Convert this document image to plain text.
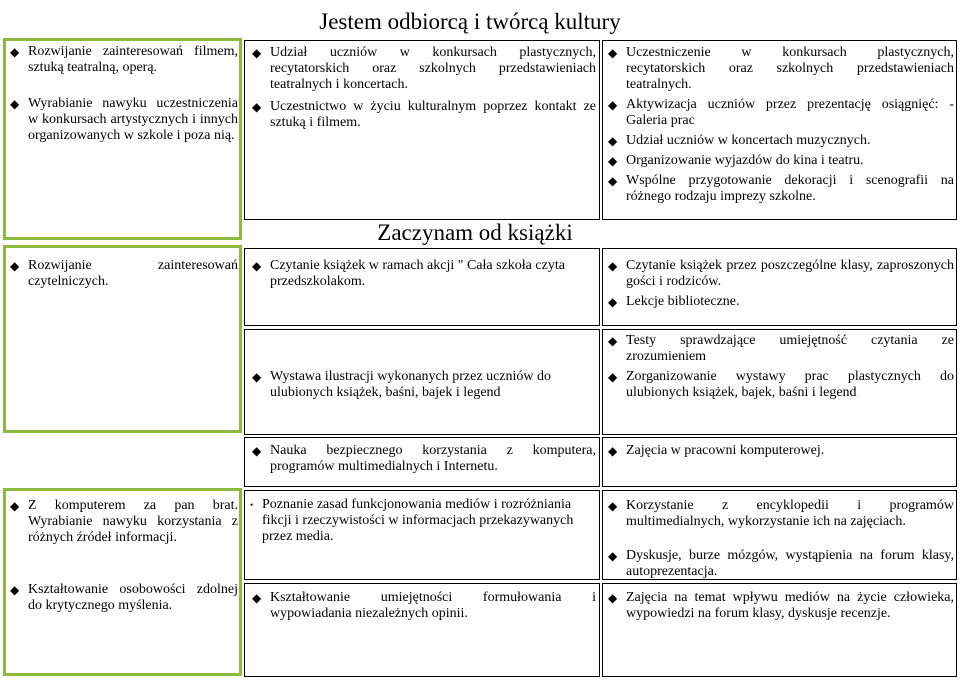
◆ Rozwijanie zainteresowań filmem, sztuką teatralną, operą.
◆ Wyrabianie nawyku uczestniczenia w konkursach artystycznych i innych organizowanych w szkole i poza nią.
◆ Rozwijanie zainteresowań czytelniczych.
◆ Z komputerem za pan brat. Wyrabianie nawyku korzystania z różnych źródeł informacji.
◆ Kształtowanie osobowości zdolnej do krytycznego myślenia.
Jestem odbiorcą i twórcą kultury
Zaczynam od książki
◆ Udział uczniów w konkursach plastycznych, recytatorskich oraz szkolnych przedstawieniach teatralnych i koncertach.
◆ Uczestnictwo w życiu kulturalnym poprzez kontakt ze sztuką i filmem.
◆ Czytanie książek w ramach akcji " Cała szkoła czyta przedszkolakom.
◆ Wystawa ilustracji wykonanych przez uczniów do ulubionych książek, baśni, bajek i legend
◆ Nauka bezpiecznego korzystania z komputera, programów multimedialnych i Internetu.
• Poznanie zasad funkcjonowania mediów i rozróżniania fikcji i rzeczywistości w informacjach przekazywanych przez media.
◆ Kształtowanie umiejętności formułowania i wypowiadania niezależnych opinii.
◆ Uczestniczenie w konkursach plastycznych, recytatorskich oraz szkolnych przedstawieniach teatralnych.
◆ Aktywizacja uczniów przez prezentację osiągnięć: - Galeria prac
◆ Udział uczniów w koncertach muzycznych.
◆ Organizowanie wyjazdów do kina i teatru.
◆ Wspólne przygotowanie dekoracji i scenografii na różnego rodzaju imprezy szkolne.
◆ Czytanie książek przez poszczególne klasy, zaproszonych gości i rodziców.
◆ Lekcje biblioteczne.
◆ Testy sprawdzające umiejętność czytania ze zrozumieniem
◆ Zorganizowanie wystawy prac plastycznych do ulubionych książek, bajek, baśni i legend
◆ Zajęcia w pracowni komputerowej.
◆ Korzystanie z encyklopedii i programów multimedialnych, wykorzystanie ich na zajęciach.
◆ Dyskusje, burze mózgów, wystąpienia na forum klasy, autoprezentacja.
◆ Zajęcia na temat wpływu mediów na życie człowieka, wypowiedzi na forum klasy, dyskusje recenzje.
